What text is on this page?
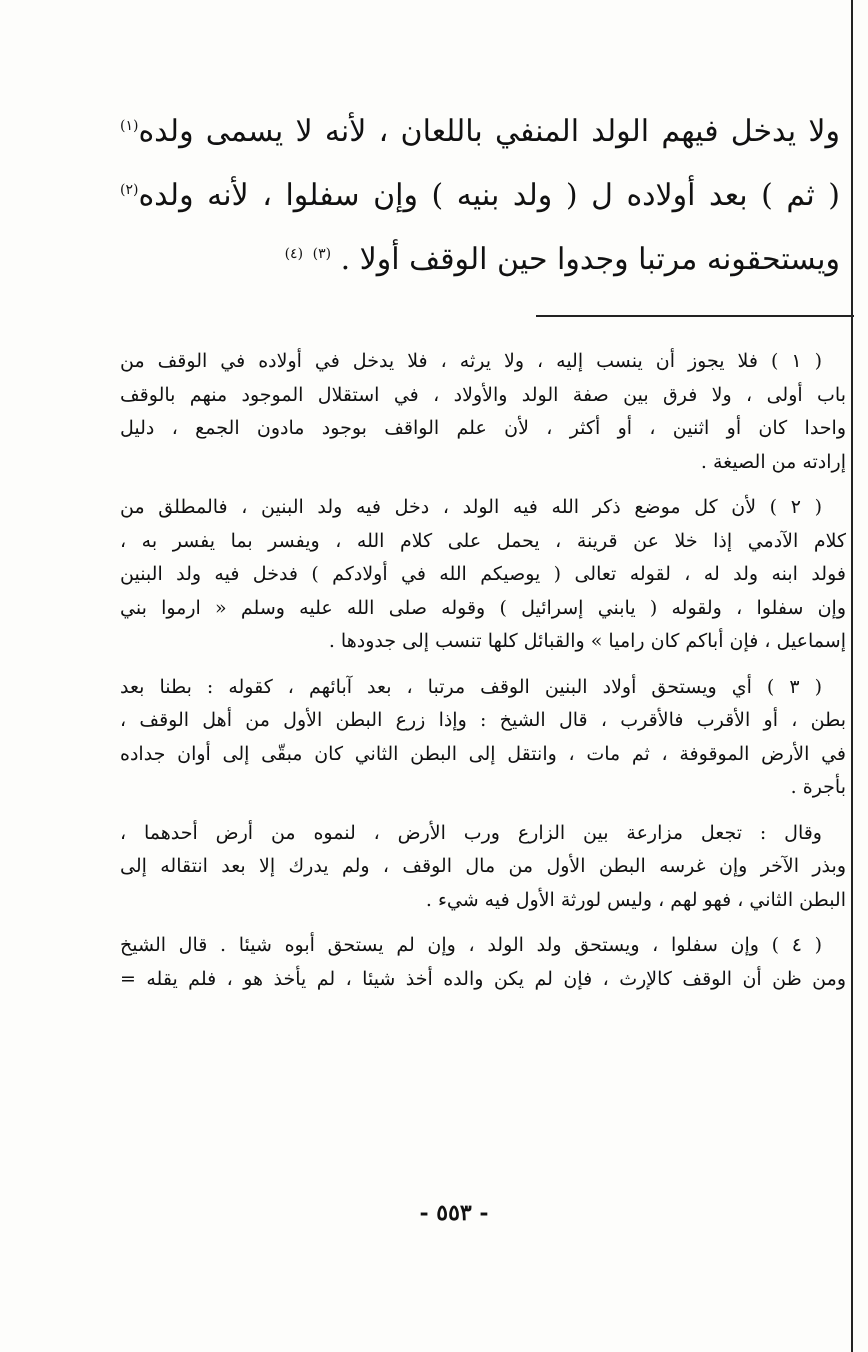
ولا يدخل فيهم الولد المنفي باللعان ، لأنه لا يسمى ولده$^{(١)}$
( ثم ) بعد أولاده ل ( ولد بنيه ) وإن سفلوا ، لأنه ولده$^{(٢)}$
ويستحقونه مرتبا وجدوا حين الوقف أولا . $^{(٣)}$ $^{(٤)}$
( ١ ) فلا يجوز أن ينسب إليه ، ولا يرثه ، فلا يدخل في أولاده في الوقف من
باب أولى ، ولا فرق بين صفة الولد والأولاد ، في استقلال الموجود منهم بالوقف
واحدا كان أو اثنين ، أو أكثر ، لأن علم الواقف بوجود مادون الجمع ، دليل
إرادته من الصيغة .
( ٢ ) لأن كل موضع ذكر الله فيه الولد ، دخل فيه ولد البنين ، فالمطلق من
كلام الآدمي إذا خلا عن قرينة ، يحمل على كلام الله ، ويفسر بما يفسر به ،
فولد ابنه ولد له ، لقوله تعالى ( يوصيكم الله في أولادكم ) فدخل فيه ولد البنين
وإن سفلوا ، ولقوله ( يابني إسرائيل ) وقوله صلى الله عليه وسلم « ارموا بني
إسماعيل ، فإن أباكم كان راميا » والقبائل كلها تنسب إلى جدودها .
( ٣ ) أي ويستحق أولاد البنين الوقف مرتبا ، بعد آبائهم ، كقوله : بطنا بعد
بطن ، أو الأقرب فالأقرب ، قال الشيخ : وإذا زرع البطن الأول من أهل الوقف ،
في الأرض الموقوفة ، ثم مات ، وانتقل إلى البطن الثاني كان مبقّى إلى أوان جداده
بأجرة .
وقال : تجعل مزارعة بين الزارع ورب الأرض ، لنموه من أرض أحدهما ،
وبذر الآخر وإن غرسه البطن الأول من مال الوقف ، ولم يدرك إلا بعد انتقاله إلى
البطن الثاني ، فهو لهم ، وليس لورثة الأول فيه شيء .
( ٤ ) وإن سفلوا ، ويستحق ولد الولد ، وإن لم يستحق أبوه شيئا . قال الشيخ
ومن ظن أن الوقف كالإرث ، فإن لم يكن والده أخذ شيئا ، لم يأخذ هو ، فلم يقله =
- ٥٥٣ -
